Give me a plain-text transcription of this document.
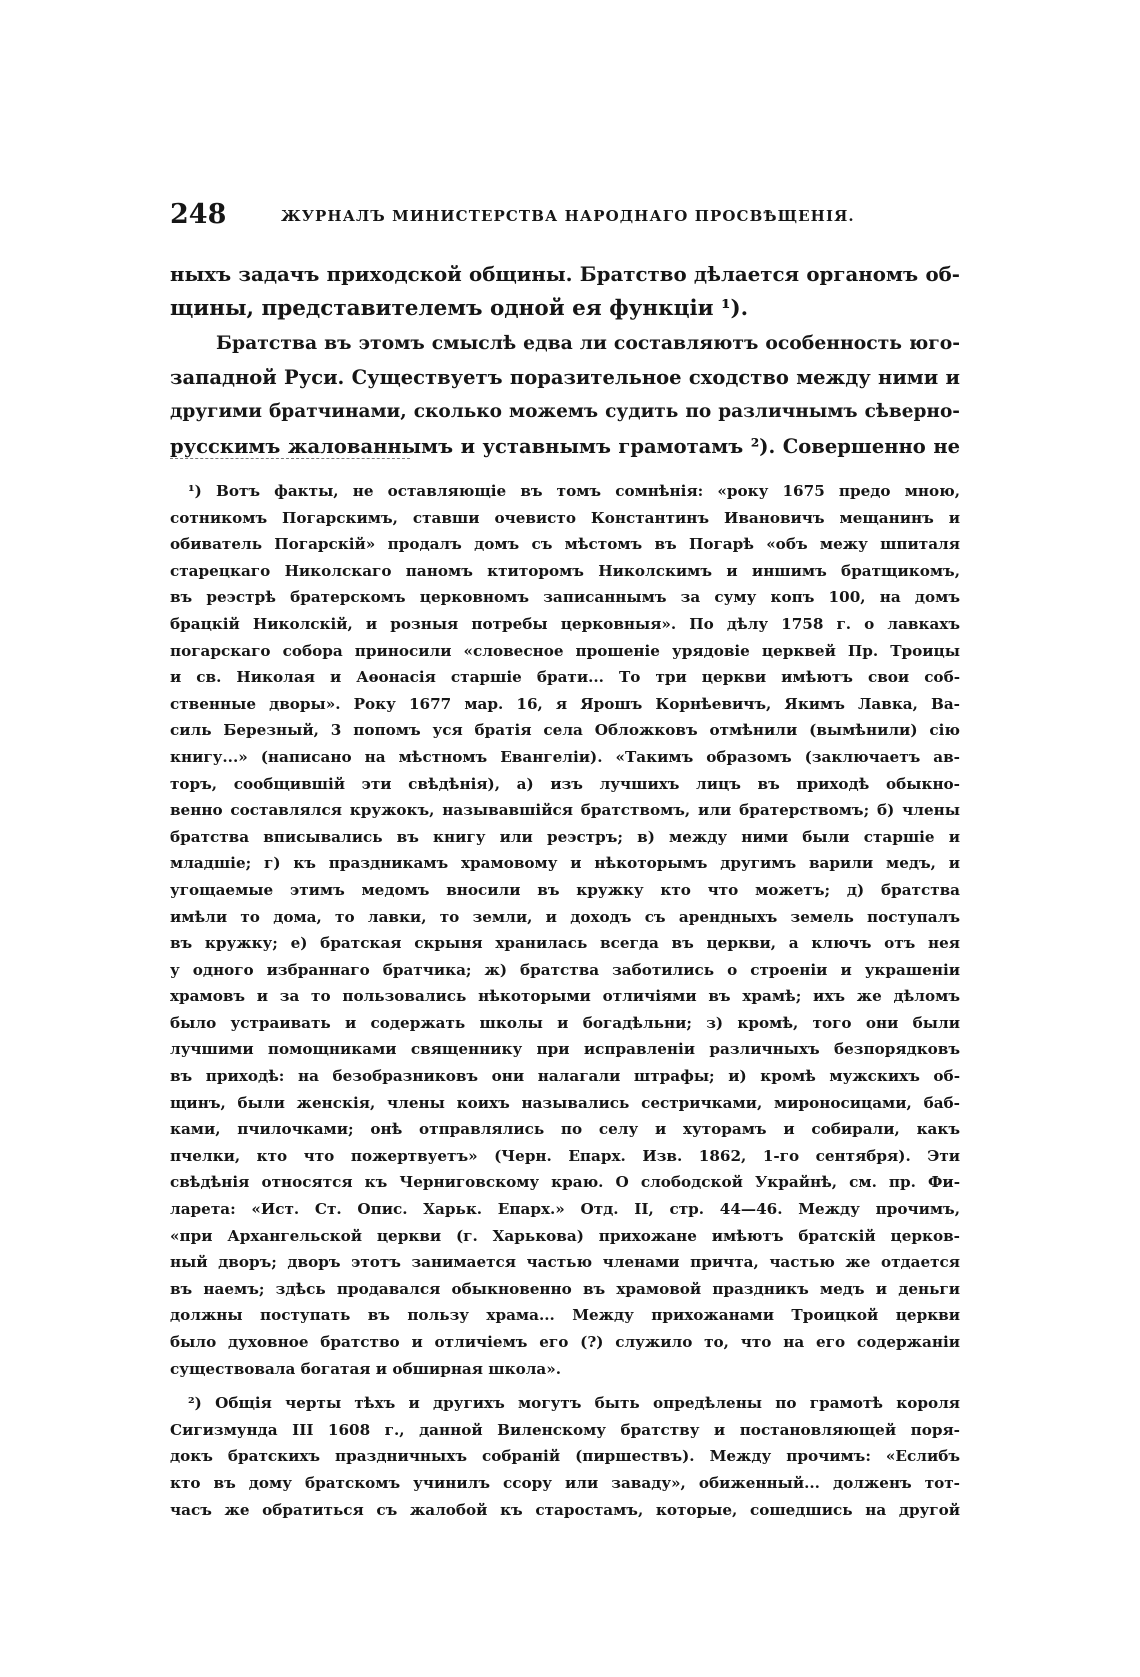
248	ЖУРНАЛЪ МИНИСТЕРСТВА НАРОДНАГО ПРОСВѢЩЕНІЯ.
ныхъ задачъ приходской общины. Братство дѣлается органомъ об-
щины, представителемъ одной ея функціи ¹).
Братства въ этомъ смыслѣ едва ли составляютъ особенность юго-
западной Руси. Существуетъ поразительное сходство между ними и
другими братчинами, сколько можемъ судить по различнымъ сѣверно-
русскимъ жалованнымъ и уставнымъ грамотамъ ²). Совершенно не
¹) Вотъ факты, не оставляющіе въ томъ сомнѣнія: «року 1675 предо мною,
сотникомъ Погарскимъ, ставши очевисто Константинъ Ивановичъ мещанинъ и
обиватель Погарскій» продалъ домъ съ мѣстомъ въ Погарѣ «объ межу шпиталя
старецкаго Николскаго паномъ ктиторомъ Николскимъ и иншимъ братщикомъ,
въ реэстрѣ братерскомъ церковномъ записаннымъ за суму копъ 100, на домъ
брацкій Николскій, и розныя потребы церковныя». По дѣлу 1758 г. о лавкахъ
погарскаго собора приносили «словесное прошеніе урядовіе церквей Пр. Троицы
и св. Николая и Аѳонасія старшіе брати... То три церкви имѣютъ свои соб-
ственные дворы». Року 1677 мар. 16, я Ярошъ Корнѣевичъ, Якимъ Лавка, Ва-
силь Березный, 3 попомъ уся братія села Обложковъ отмѣнили (вымѣнили) сію
книгу...» (написано на мѣстномъ Евангеліи). «Такимъ образомъ (заключаетъ ав-
торъ, сообщившій эти свѣдѣнія), а) изъ лучшихъ лицъ въ приходѣ обыкно-
венно составлялся кружокъ, называвшійся братствомъ, или братерствомъ; б) члены
братства вписывались въ книгу или реэстръ; в) между ними были старшіе и
младшіе; г) къ праздникамъ храмовому и нѣкоторымъ другимъ варили медъ, и
угощаемые этимъ медомъ вносили въ кружку кто что можетъ; д) братства
имѣли то дома, то лавки, то земли, и доходъ съ арендныхъ земель поступалъ
въ кружку; е) братская скрыня хранилась всегда въ церкви, а ключъ отъ нея
у одного избраннаго братчика; ж) братства заботились о строеніи и украшеніи
храмовъ и за то пользовались нѣкоторыми отличіями въ храмѣ; ихъ же дѣломъ
было устраивать и содержать школы и богадѣльни; з) кромѣ, того они были
лучшими помощниками священнику при исправленіи различныхъ безпорядковъ
въ приходѣ: на безобразниковъ они налагали штрафы; и) кромѣ мужскихъ об-
щинъ, были женскія, члены коихъ назывались сестричками, мироносицами, баб-
ками, пчилочками; онѣ отправлялись по селу и хуторамъ и собирали, какъ
пчелки, кто что пожертвуетъ» (Черн. Епарх. Изв. 1862, 1-го сентября). Эти
свѣдѣнія относятся къ Черниговскому краю. О слободской Украйнѣ, см. пр. Фи-
ларета: «Ист. Ст. Опис. Харьк. Епарх.» Отд. II, стр. 44—46. Между прочимъ,
«при Архангельской церкви (г. Харькова) прихожане имѣютъ братскій церков-
ный дворъ; дворъ этотъ занимается частью членами причта, частью же отдается
въ наемъ; здѣсь продавался обыкновенно въ храмовой праздникъ медъ и деньги
должны поступать въ пользу храма... Между прихожанами Троицкой церкви
было духовное братство и отличіемъ его (?) служило то, что на его содержаніи
существовала богатая и обширная школа».
²) Общія черты тѣхъ и другихъ могутъ быть опредѣлены по грамотѣ короля
Сигизмунда III 1608 г., данной Виленскому братству и постановляющей поря-
докъ братскихъ праздничныхъ собраній (пиршествъ). Между прочимъ: «Еслибъ
кто въ дому братскомъ учинилъ ссору или заваду», обиженный... долженъ тот-
часъ же обратиться съ жалобой къ старостамъ, которые, сошедшись на другой
